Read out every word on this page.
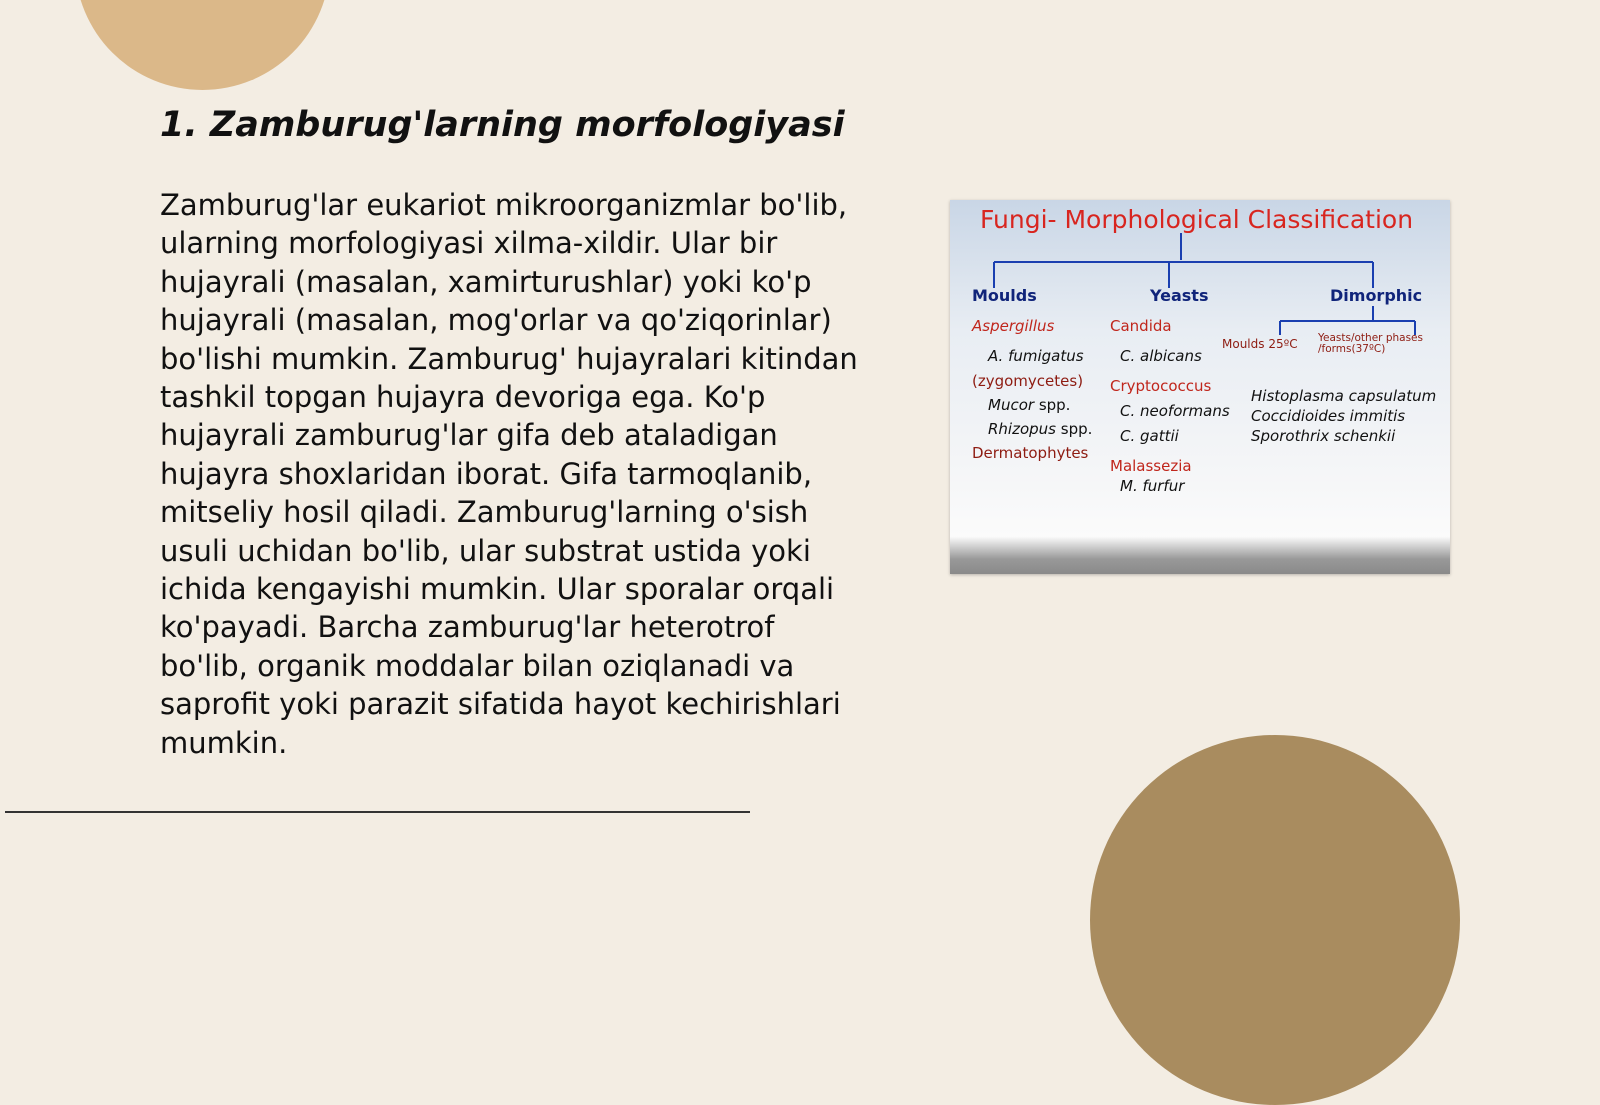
1. Zamburug'larning morfologiyasi

Zamburug'lar eukariot mikroorganizmlar bo'lib, ularning morfologiyasi xilma-xildir. Ular bir hujayrali (masalan, xamirturushlar) yoki ko'p hujayrali (masalan, mog'orlar va qo'ziqorinlar) bo'lishi mumkin. Zamburug' hujayralari kitindan tashkil topgan hujayra devoriga ega. Ko'p hujayrali zamburug'lar gifa deb ataladigan hujayra shoxlaridan iborat. Gifa tarmoqlanib, mitseliy hosil qiladi. Zamburug'larning o'sish usuli uchidan bo'lib, ular substrat ustida yoki ichida kengayishi mumkin. Ular sporalar orqali ko'payadi. Barcha zamburug'lar heterotrof bo'lib, organik moddalar bilan oziqlanadi va saprofit yoki parazit sifatida hayot kechirishlari mumkin.

Fungi- Morphological Classification

Moulds	Yeasts	Dimorphic

Aspergillus

A. fumigatus

(zygomycetes)

Mucor spp.

Rhizopus spp.

Dermatophytes

Candida

C. albicans

Cryptococcus

C. neoformans

C. gattii

Malassezia

M. furfur

Moulds 25ºC Yeasts/other phases
/forms(37ºC)

Histoplasma capsulatum

Coccidioides immitis

Sporothrix schenkii
